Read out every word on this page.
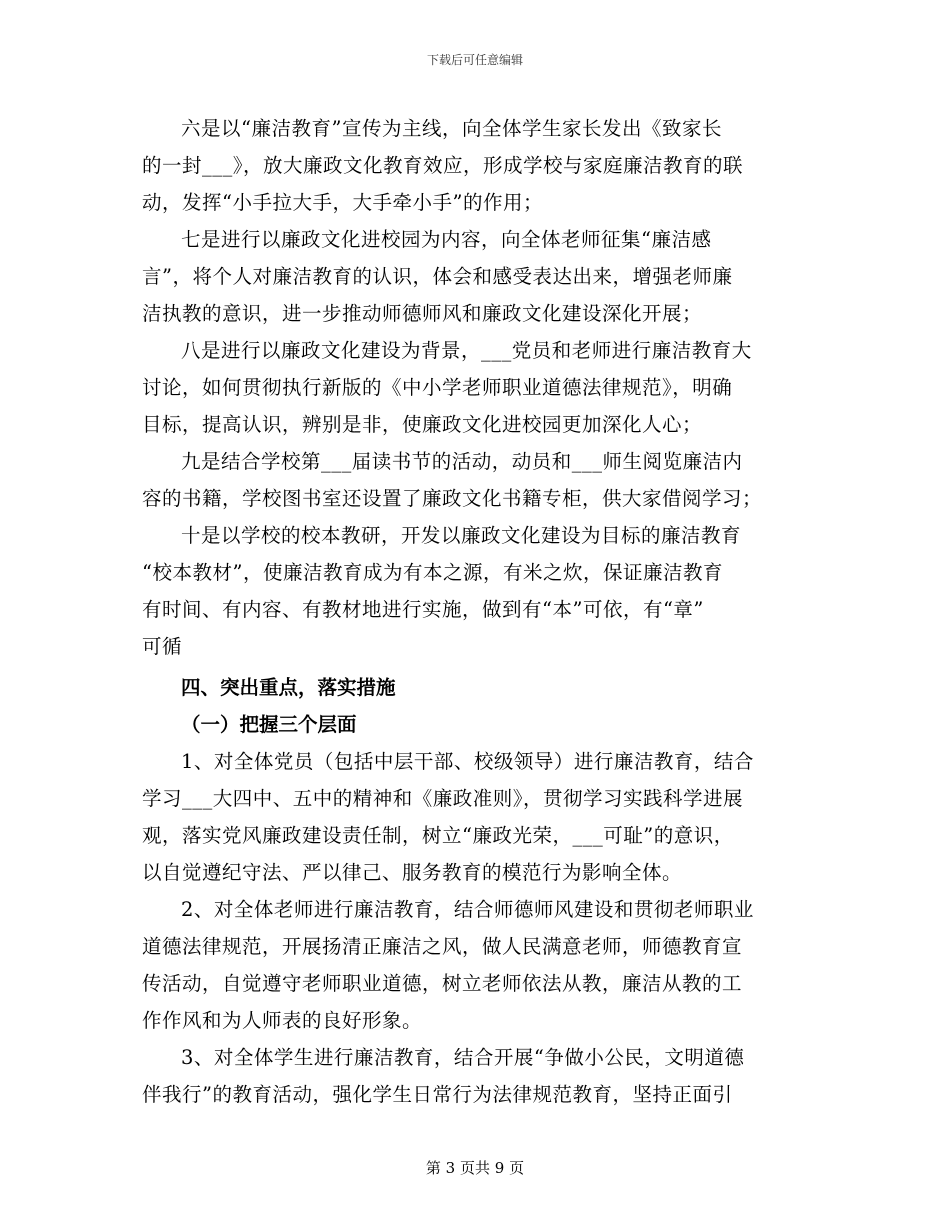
下载后可任意编辑
六是以“廉洁教育”宣传为主线，向全体学生家长发出《致家长
的一封___》，放大廉政文化教育效应，形成学校与家庭廉洁教育的联
动，发挥“小手拉大手，大手牵小手”的作用；
七是进行以廉政文化进校园为内容，向全体老师征集“廉洁感
言”，将个人对廉洁教育的认识，体会和感受表达出来，增强老师廉
洁执教的意识，进一步推动师德师风和廉政文化建设深化开展；
八是进行以廉政文化建设为背景，___党员和老师进行廉洁教育大
讨论，如何贯彻执行新版的《中小学老师职业道德法律规范》，明确
目标，提高认识，辨别是非，使廉政文化进校园更加深化人心；
九是结合学校第___届读书节的活动，动员和___师生阅览廉洁内
容的书籍，学校图书室还设置了廉政文化书籍专柜，供大家借阅学习；
十是以学校的校本教研，开发以廉政文化建设为目标的廉洁教育
“校本教材”，使廉洁教育成为有本之源，有米之炊，保证廉洁教育
有时间、有内容、有教材地进行实施，做到有“本”可依，有“章”
可循
四、突出重点，落实措施
（一）把握三个层面
1、对全体党员（包括中层干部、校级领导）进行廉洁教育，结合
学习___大四中、五中的精神和《廉政准则》，贯彻学习实践科学进展
观，落实党风廉政建设责任制，树立“廉政光荣，___可耻”的意识，
以自觉遵纪守法、严以律己、服务教育的模范行为影响全体。
2、对全体老师进行廉洁教育，结合师德师风建设和贯彻老师职业
道德法律规范，开展扬清正廉洁之风，做人民满意老师，师德教育宣
传活动，自觉遵守老师职业道德，树立老师依法从教，廉洁从教的工
作作风和为人师表的良好形象。
3、对全体学生进行廉洁教育，结合开展“争做小公民，文明道德
伴我行”的教育活动，强化学生日常行为法律规范教育，坚持正面引
第 3 页共 9 页
